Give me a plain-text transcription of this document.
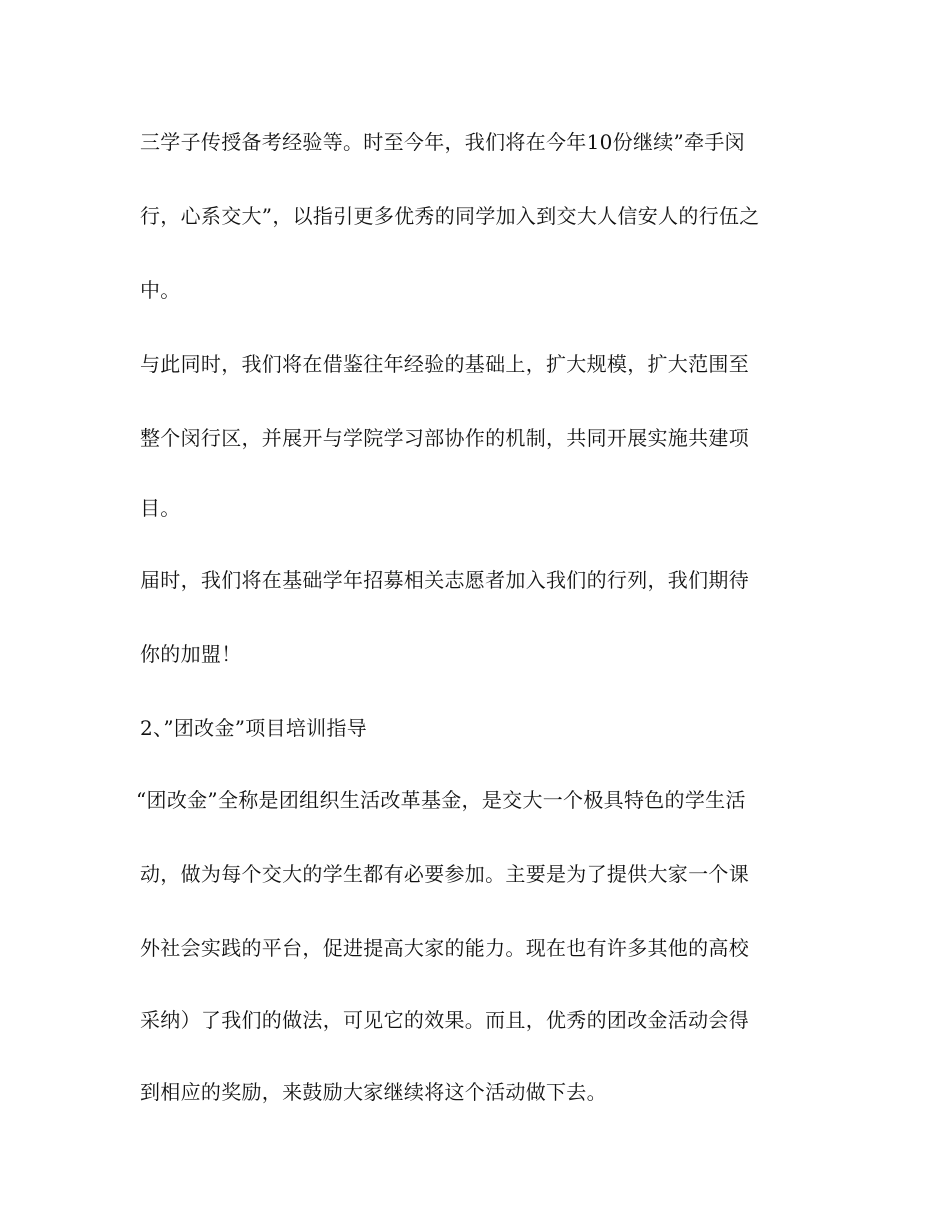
三学子传授备考经验等。时至今年，我们将在今年10份继续”牵手闵
行，心系交大”，以指引更多优秀的同学加入到交大人信安人的行伍之
中。
与此同时，我们将在借鉴往年经验的基础上，扩大规模，扩大范围至
整个闵行区，并展开与学院学习部协作的机制，共同开展实施共建项
目。
届时，我们将在基础学年招募相关志愿者加入我们的行列，我们期待
你的加盟！
2、”团改金”项目培训指导
“团改金”全称是团组织生活改革基金，是交大一个极具特色的学生活
动，做为每个交大的学生都有必要参加。主要是为了提供大家一个课
外社会实践的平台，促进提高大家的能力。现在也有许多其他的高校
采纳）了我们的做法，可见它的效果。而且，优秀的团改金活动会得
到相应的奖励，来鼓励大家继续将这个活动做下去。
